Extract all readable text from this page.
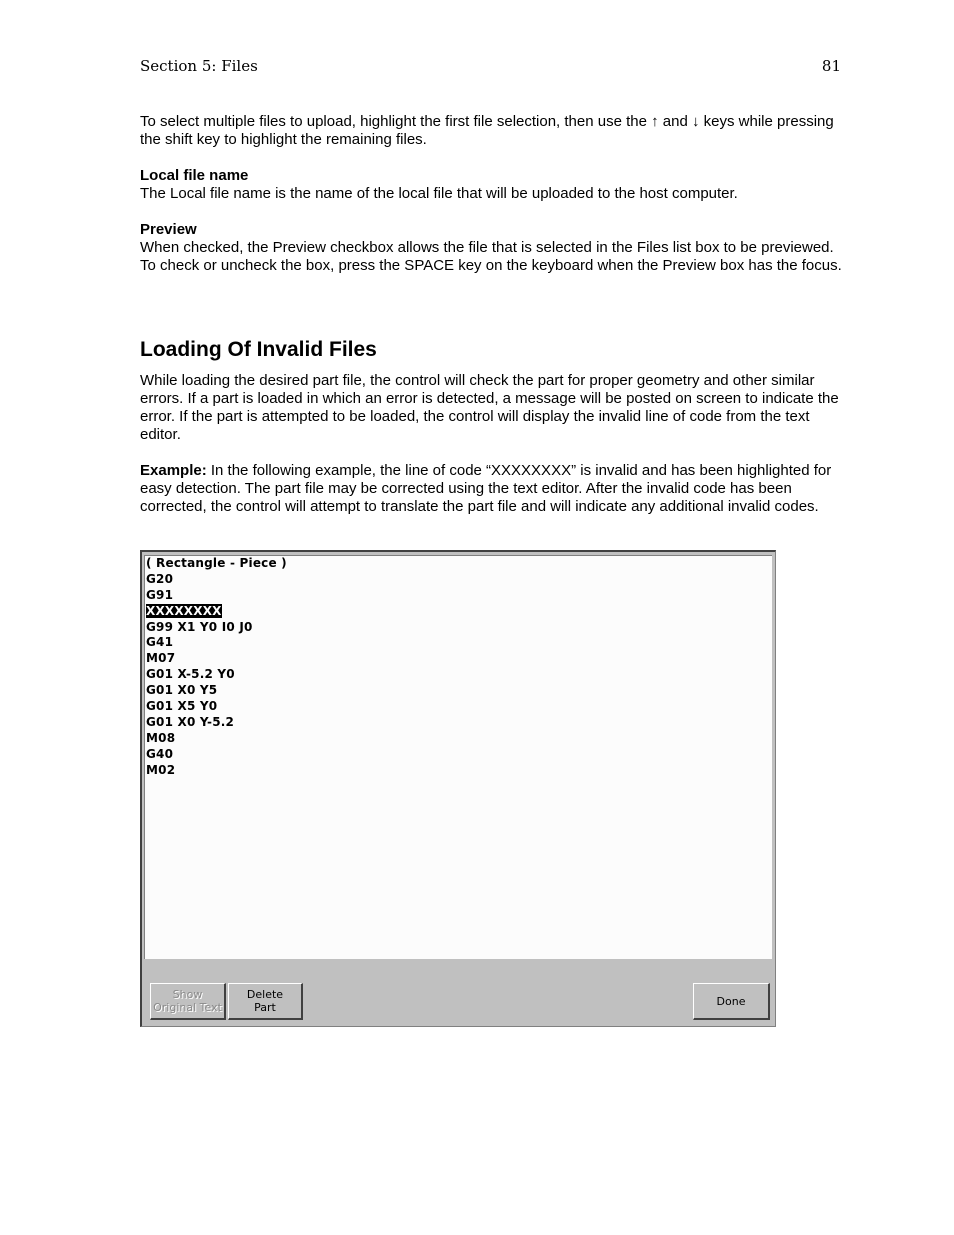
Section 5: Files	81

To select multiple files to upload, highlight the first file selection, then use the ↑ and ↓ keys while pressing the shift key to highlight the remaining files.

Local file name

The Local file name is the name of the local file that will be uploaded to the host computer.

Preview

When checked, the Preview checkbox allows the file that is selected in the Files list box to be previewed. To check or uncheck the box, press the SPACE key on the keyboard when the Preview box has the focus.

Loading Of Invalid Files

While loading the desired part file, the control will check the part for proper geometry and other similar errors. If a part is loaded in which an error is detected, a message will be posted on screen to indicate the error. If the part is attempted to be loaded, the control will display the invalid line of code from the text editor.

Example: In the following example, the line of code “XXXXXXXX” is invalid and has been highlighted for easy detection. The part file may be corrected using the text editor. After the invalid code has been corrected, the control will attempt to translate the part file and will indicate any additional invalid codes.

( Rectangle - Piece )
G20
G91
XXXXXXXX
G99 X1 Y0 I0 J0
G41
M07
G01 X-5.2 Y0
G01 X0 Y5
G01 X5 Y0
G01 X0 Y-5.2
M08
G40
M02
Show
Original Text
Delete
Part	Done
